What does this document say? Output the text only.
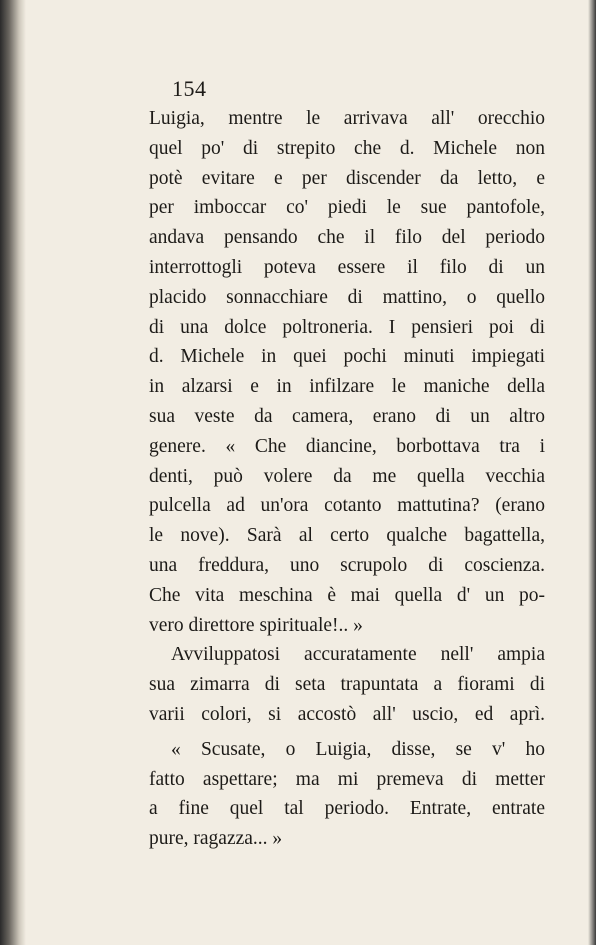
154
Luigia, mentre le arrivava all' orecchio
quel po' di strepito che d. Michele non
potè evitare e per discender da letto, e
per imboccar co' piedi le sue pantofole,
andava pensando che il filo del periodo
interrottogli poteva essere il filo di un
placido sonnacchiare di mattino, o quello
di una dolce poltroneria. I pensieri poi di
d. Michele in quei pochi minuti impiegati
in alzarsi e in infilzare le maniche della
sua veste da camera, erano di un altro
genere. « Che diancine, borbottava tra i
denti, può volere da me quella vecchia
pulcella ad un'ora cotanto mattutina? (erano
le nove). Sarà al certo qualche bagattella,
una freddura, uno scrupolo di coscienza.
Che vita meschina è mai quella d' un po-
vero direttore spirituale!.. »
Avviluppatosi accuratamente nell' ampia
sua zimarra di seta trapuntata a fiorami di
varii colori, si accostò all' uscio, ed aprì.
« Scusate, o Luigia, disse, se v' ho
fatto aspettare; ma mi premeva di metter
a fine quel tal periodo. Entrate, entrate
pure, ragazza... »
